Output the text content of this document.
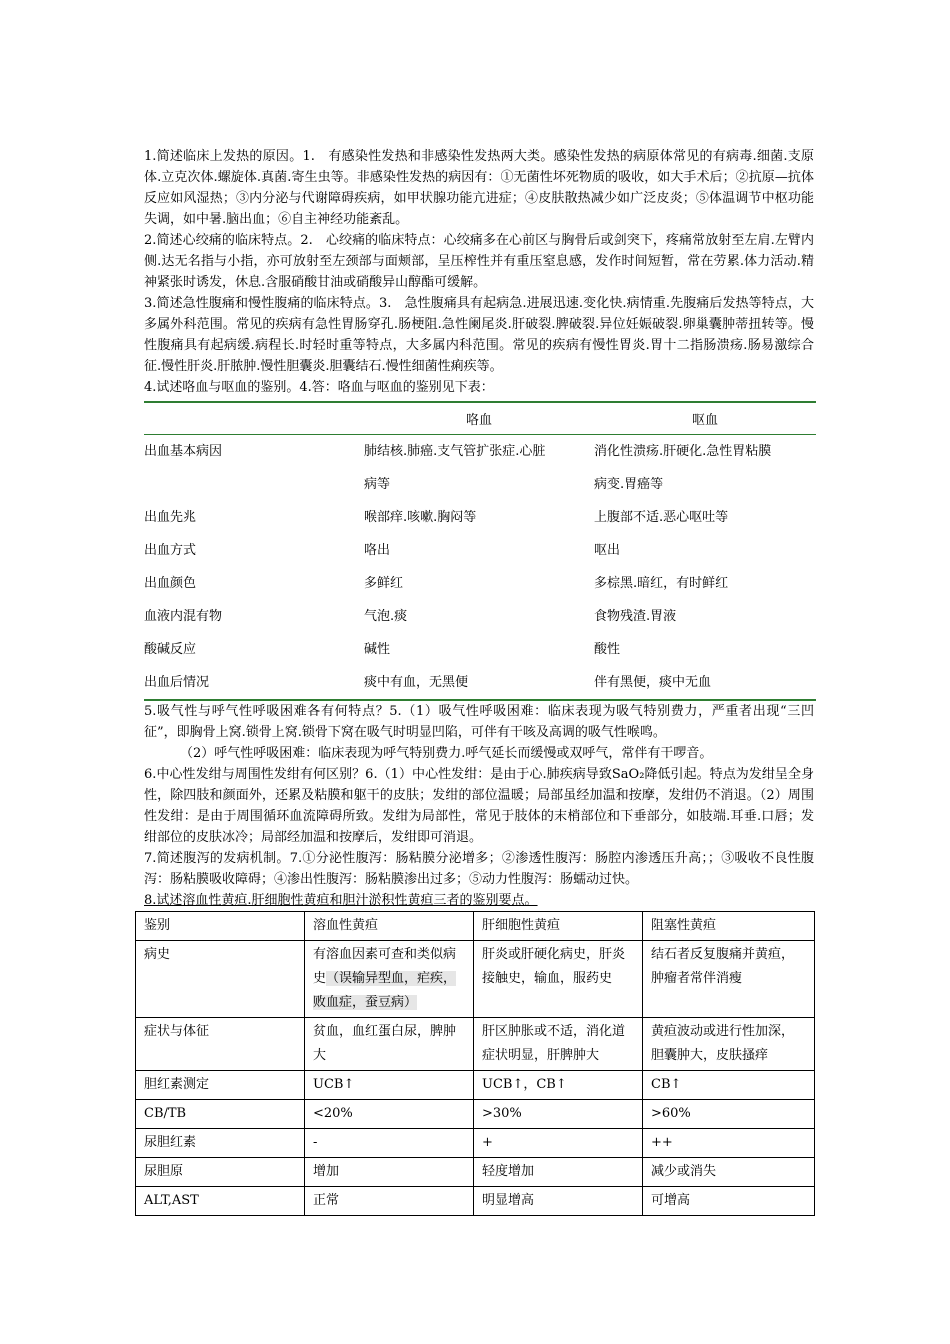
1.简述临床上发热的原因。1.　有感染性发热和非感染性发热两大类。感染性发热的病原体常见的有病毒.细菌.支原体.立克次体.螺旋体.真菌.寄生虫等。非感染性发热的病因有：①无菌性坏死物质的吸收，如大手术后；②抗原—抗体反应如风湿热；③内分泌与代谢障碍疾病，如甲状腺功能亢进症；④皮肤散热减少如广泛皮炎；⑤体温调节中枢功能失调，如中暑.脑出血；⑥自主神经功能紊乱。

2.简述心绞痛的临床特点。2.　心绞痛的临床特点：心绞痛多在心前区与胸骨后或剑突下，疼痛常放射至左肩.左臂内侧.达无名指与小指，亦可放射至左颈部与面颊部，呈压榨性并有重压窒息感，发作时间短暂，常在劳累.体力活动.精神紧张时诱发，休息.含服硝酸甘油或硝酸异山醇酯可缓解。

3.简述急性腹痛和慢性腹痛的临床特点。3.　急性腹痛具有起病急.进展迅速.变化快.病情重.先腹痛后发热等特点，大多属外科范围。常见的疾病有急性胃肠穿孔.肠梗阻.急性阑尾炎.肝破裂.脾破裂.异位妊娠破裂.卵巢囊肿蒂扭转等。慢性腹痛具有起病缓.病程长.时轻时重等特点，大多属内科范围。常见的疾病有慢性胃炎.胃十二指肠溃疡.肠易激综合征.慢性肝炎.肝脓肿.慢性胆囊炎.胆囊结石.慢性细菌性痢疾等。

4.试述咯血与呕血的鉴别。4.答：咯血与呕血的鉴别见下表：

	咯血	呕血
出血基本病因	肺结核.肺癌.支气管扩张症.心脏	消化性溃疡.肝硬化.急性胃粘膜
	病等	病变.胃癌等
出血先兆	喉部痒.咳嗽.胸闷等	上腹部不适.恶心呕吐等
出血方式	咯出	呕出
出血颜色	多鲜红	多棕黑.暗红，有时鲜红
血液内混有物	气泡.痰	食物残渣.胃液
酸碱反应	碱性	酸性
出血后情况	痰中有血，无黑便	伴有黑便，痰中无血

5.吸气性与呼气性呼吸困难各有何特点？5.（1）吸气性呼吸困难：临床表现为吸气特别费力，严重者出现“三凹征”，即胸骨上窝.锁骨上窝.锁骨下窝在吸气时明显凹陷，可伴有干咳及高调的吸气性喉鸣。

（2）呼气性呼吸困难：临床表现为呼气特别费力.呼气延长而缓慢或双呼气，常伴有干啰音。

6.中心性发绀与周围性发绀有何区别？6.（1）中心性发绀：是由于心.肺疾病导致SaO₂降低引起。特点为发绀呈全身性，除四肢和颜面外，还累及粘膜和躯干的皮肤；发绀的部位温暖；局部虽经加温和按摩，发绀仍不消退。（2）周围性发绀：是由于周围循环血流障碍所致。发绀为局部性，常见于肢体的末梢部位和下垂部分，如肢端.耳垂.口唇；发绀部位的皮肤冰冷；局部经加温和按摩后，发绀即可消退。

7.简述腹泻的发病机制。7.①分泌性腹泻：肠粘膜分泌增多；②渗透性腹泻：肠腔内渗透压升高；；③吸收不良性腹泻：肠粘膜吸收障碍；④渗出性腹泻：肠粘膜渗出过多；⑤动力性腹泻：肠蠕动过快。

8.试述溶血性黄疸.肝细胞性黄疸和胆汁淤积性黄疸三者的鉴别要点。

鉴别	溶血性黄疸	肝细胞性黄疸	阻塞性黄疸
病史	有溶血因素可查和类似病史（误输异型血，疟疾，败血症，蚕豆病）	肝炎或肝硬化病史，肝炎接触史，输血，服药史	结石者反复腹痛并黄疸，肿瘤者常伴消瘦
症状与体征	贫血，血红蛋白尿，脾肿大	肝区肿胀或不适，消化道症状明显，肝脾肿大	黄疸波动或进行性加深，胆囊肿大，皮肤搔痒
胆红素测定	UCB↑	UCB↑，CB↑	CB↑
CB/TB	<20%	>30%	>60%
尿胆红素	-	+	++
尿胆原	增加	轻度增加	减少或消失
ALT,AST	正常	明显增高	可增高
